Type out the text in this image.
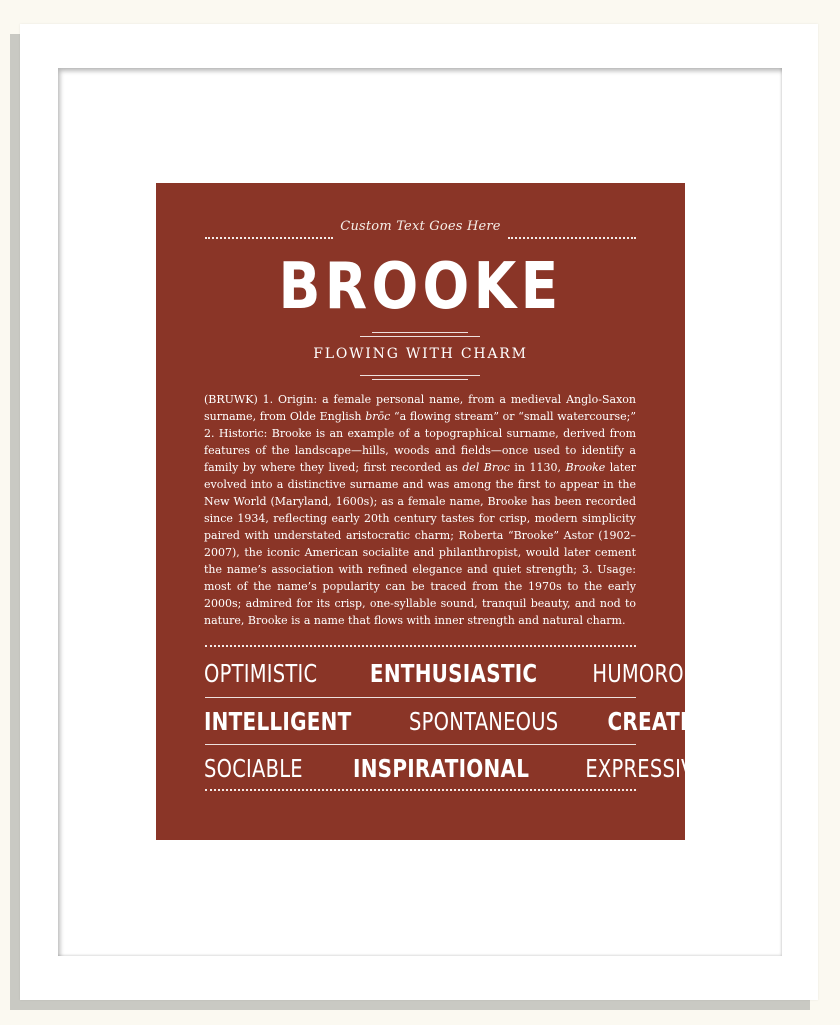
Custom Text Goes Here
BROOKE
FLOWING WITH CHARM
(BRUWK) 1. Origin: a female personal name, from a medieval Anglo-Saxon surname, from Olde English brōc “a flowing stream” or “small watercourse;” 2. Historic: Brooke is an example of a topographical surname, derived from features of the landscape—hills, woods and fields—once used to identify a family by where they lived; first recorded as del Broc in 1130, Brooke later evolved into a distinctive surname and was among the first to appear in the New World (Maryland, 1600s); as a female name, Brooke has been recorded since 1934, reflecting early 20th century tastes for crisp, modern simplicity paired with understated aristocratic charm; Roberta “Brooke” Astor (1902–2007), the iconic American socialite and philanthropist, would later cement the name’s association with refined elegance and quiet strength; 3. Usage: most of the name’s popularity can be traced from the 1970s to the early 2000s; admired for its crisp, one-syllable sound, tranquil beauty, and nod to nature, Brooke is a name that flows with inner strength and natural charm.
OPTIMISTIC ENTHUSIASTIC HUMOROUS
INTELLIGENT SPONTANEOUS CREATIVE
SOCIABLE INSPIRATIONAL EXPRESSIVE
